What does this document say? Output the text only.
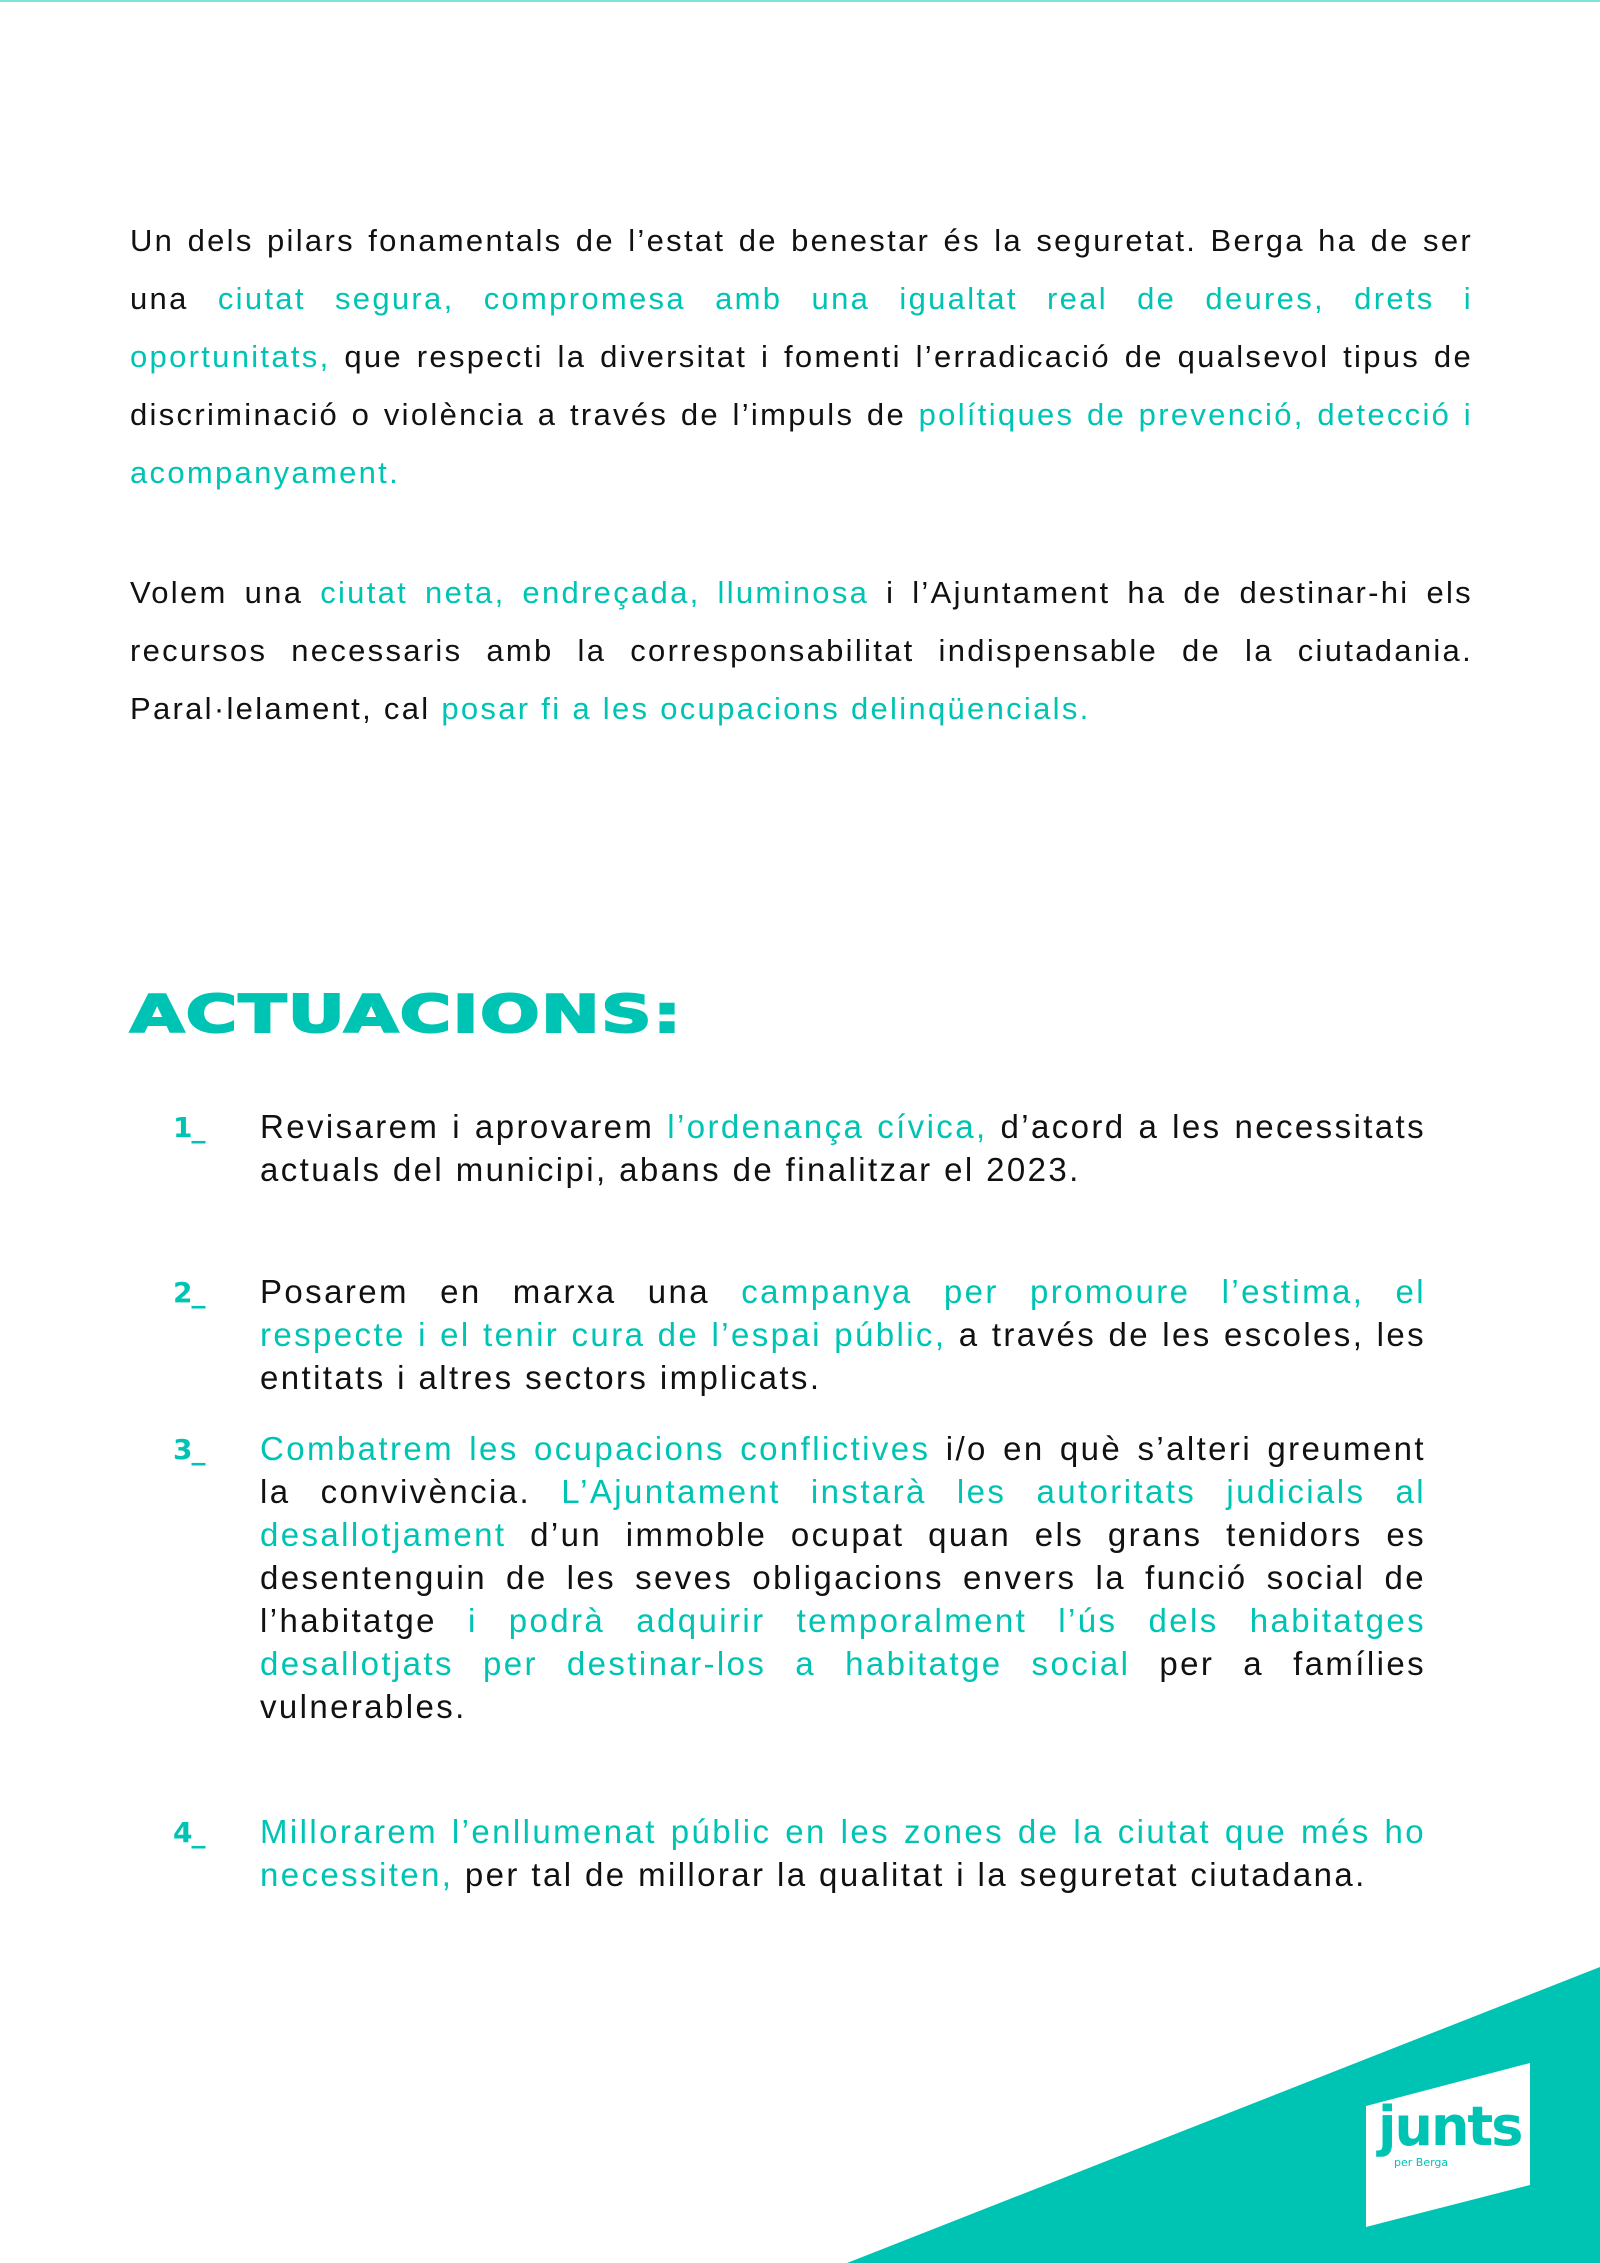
Un dels pilars fonamentals de l’estat de benestar és la seguretat. Berga ha de ser una ciutat segura, compromesa amb una igualtat real de deures, drets i oportunitats, que respecti la diversitat i fomenti l’erradicació de qualsevol tipus de discriminació o violència a través de l’impuls de polítiques de prevenció, detecció i acompanyament.
Volem una ciutat neta, endreçada, lluminosa i l’Ajuntament ha de destinar-hi els recursos necessaris amb la corresponsabilitat indispensable de la ciutadania. Paral·lelament, cal posar fi a les ocupacions delinqüencials.
ACTUACIONS:
1_ Revisarem i aprovarem l’ordenança cívica, d’acord a les necessitats actuals del municipi, abans de finalitzar el 2023.
2_ Posarem en marxa una campanya per promoure l’estima, el respecte i el tenir cura de l’espai públic, a través de les escoles, les entitats i altres sectors implicats.
3_ Combatrem les ocupacions conflictives i/o en què s’alteri greument la convivència. L’Ajuntament instarà les autoritats judicials al desallotjament d’un immoble ocupat quan els grans tenidors es desentenguin de les seves obligacions envers la funció social de l’habitatge i podrà adquirir temporalment l’ús dels habitatges desallotjats per destinar-los a habitatge social per a famílies vulnerables.
4_ Millorarem l’enllumenat públic en les zones de la ciutat que més ho necessiten, per tal de millorar la qualitat i la seguretat ciutadana.
junts
per Berga
